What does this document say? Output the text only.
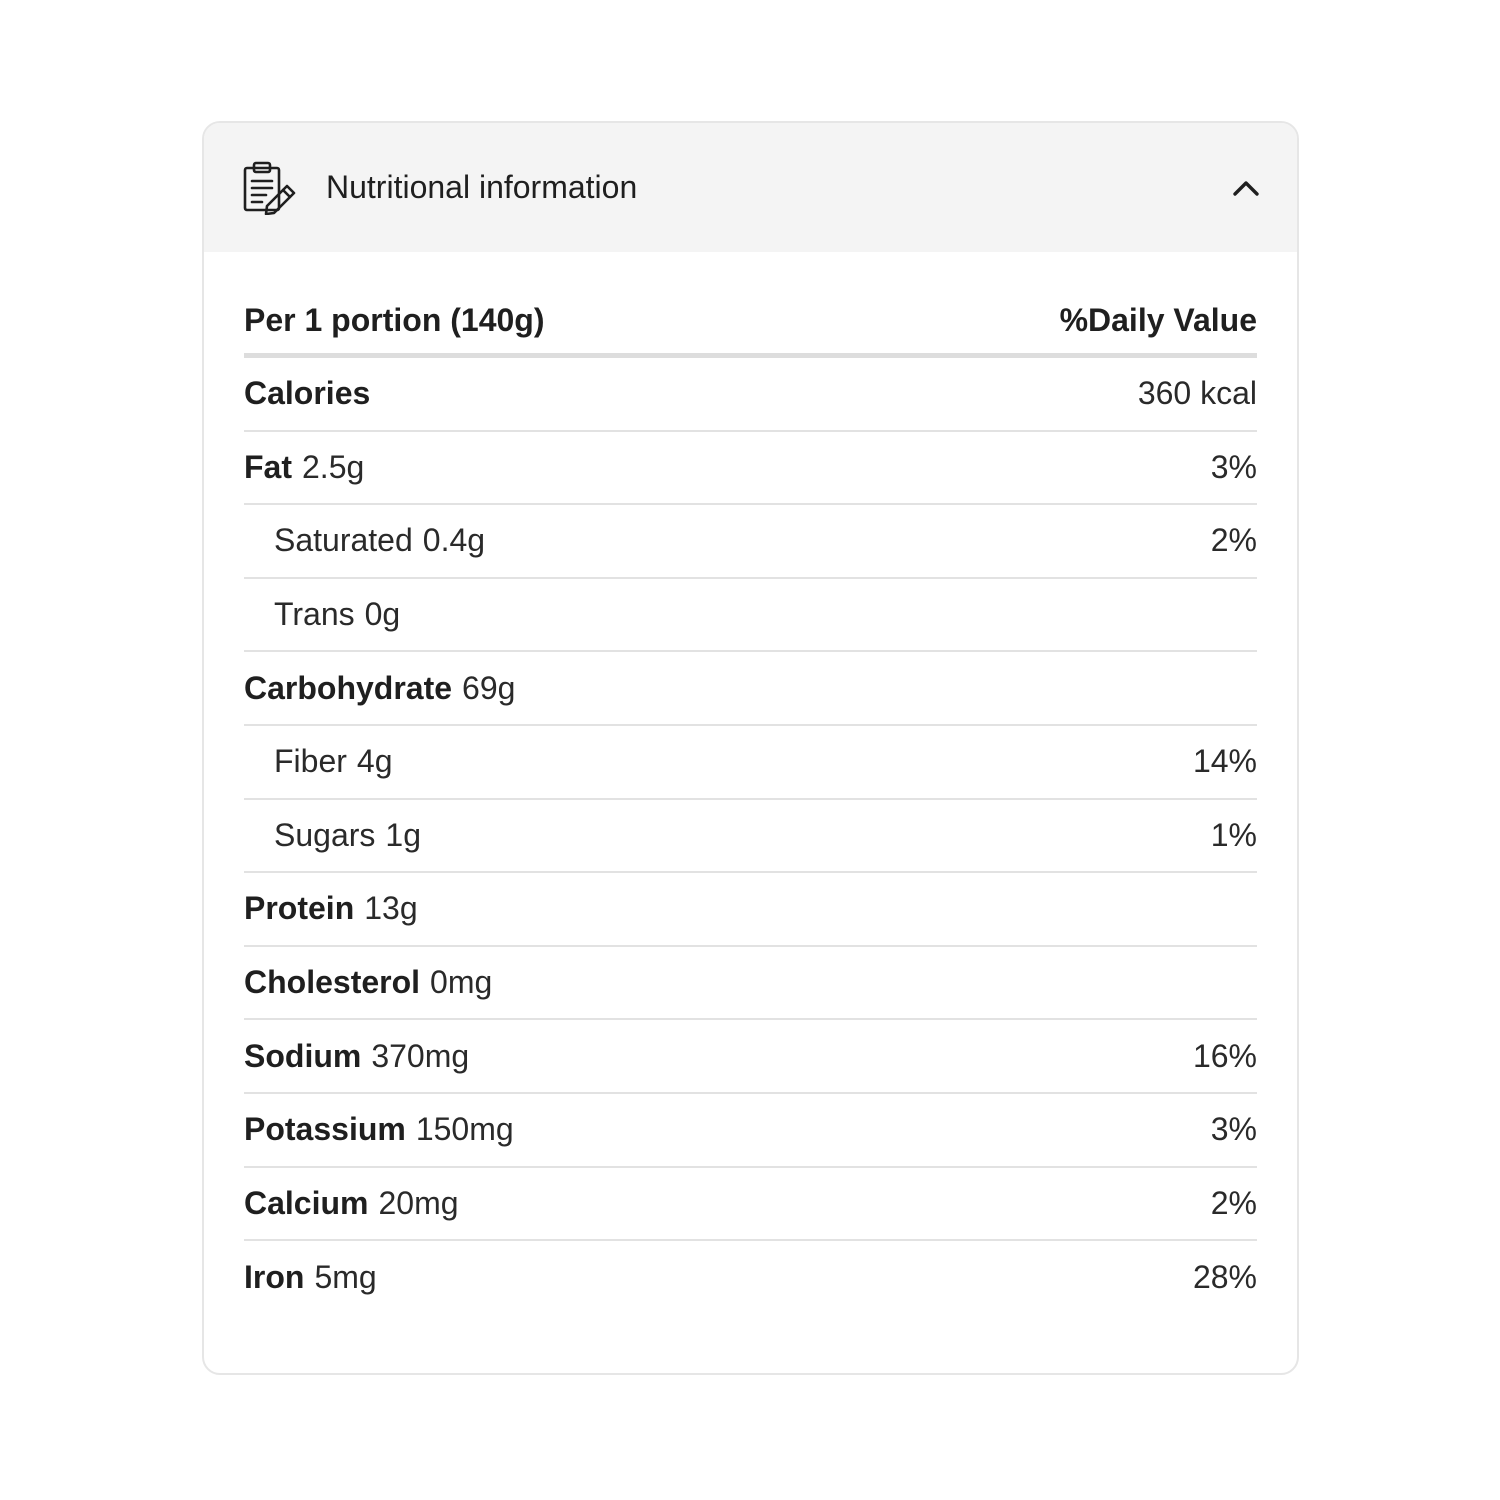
Nutritional information
Per 1 portion (140g)	%Daily Value
Calories	360 kcal
Fat 2.5g	3%
Saturated 0.4g	2%
Trans 0g
Carbohydrate 69g
Fiber 4g	14%
Sugars 1g	1%
Protein 13g
Cholesterol 0mg
Sodium 370mg	16%
Potassium 150mg	3%
Calcium 20mg	2%
Iron 5mg	28%
